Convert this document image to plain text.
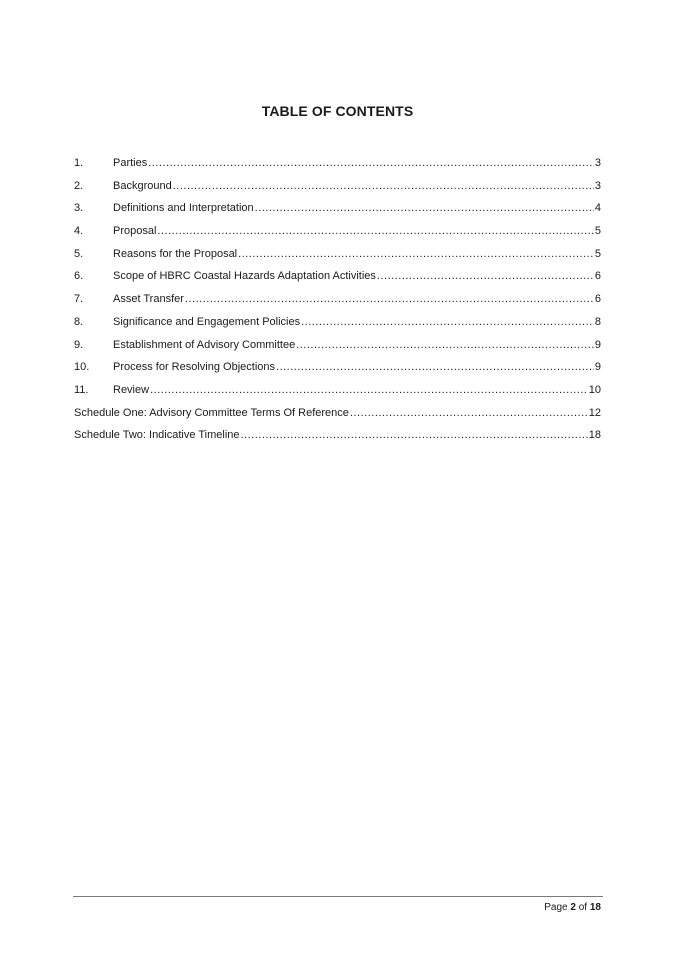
TABLE OF CONTENTS
1.	Parties .....	3
2.	Background .....	3
3.	Definitions and Interpretation .....	4
4.	Proposal .....	5
5.	Reasons for the Proposal .....	5
6.	Scope of HBRC Coastal Hazards Adaptation Activities .....	6
7.	Asset Transfer .....	6
8.	Significance and Engagement Policies .....	8
9.	Establishment of Advisory Committee .....	9
10.	Process for Resolving Objections .....	9
11.	Review .....	10
Schedule One: Advisory Committee Terms Of Reference .....	12
Schedule Two: Indicative Timeline .....	18
Page 2 of 18
